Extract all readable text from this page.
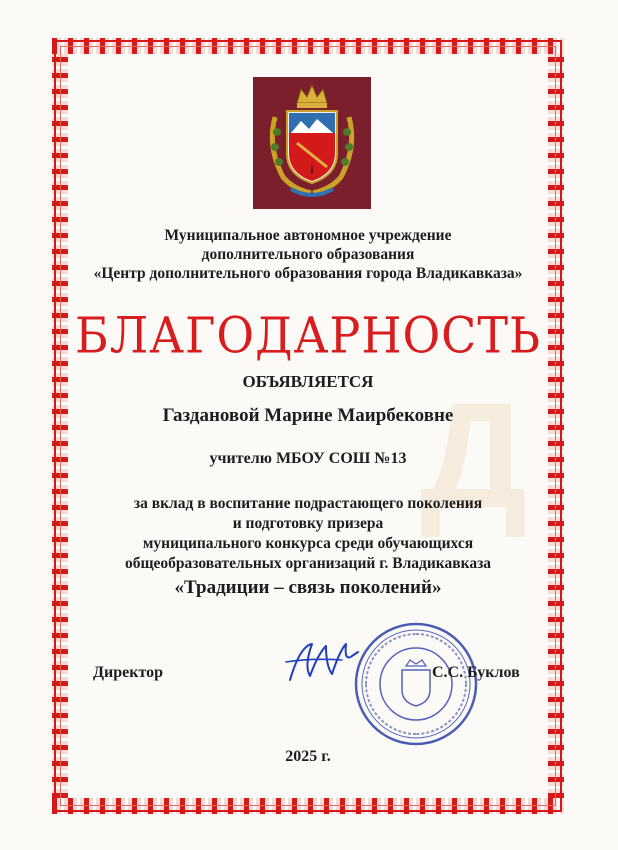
Д
Муниципальное автономное учреждение
дополнительного образования
«Центр дополнительного образования города Владикавказа»
БЛАГОДАРНОСТЬ
ОБЪЯВЛЯЕТСЯ
Газдановой Марине Маирбековне
учителю МБОУ СОШ №13
за вклад в воспитание подрастающего поколения
и подготовку призера
муниципального конкурса среди обучающихся
общеобразовательных организаций г. Владикавказа
«Традиции – связь поколений»
Директор	С.С. Буклов
2025 г.
